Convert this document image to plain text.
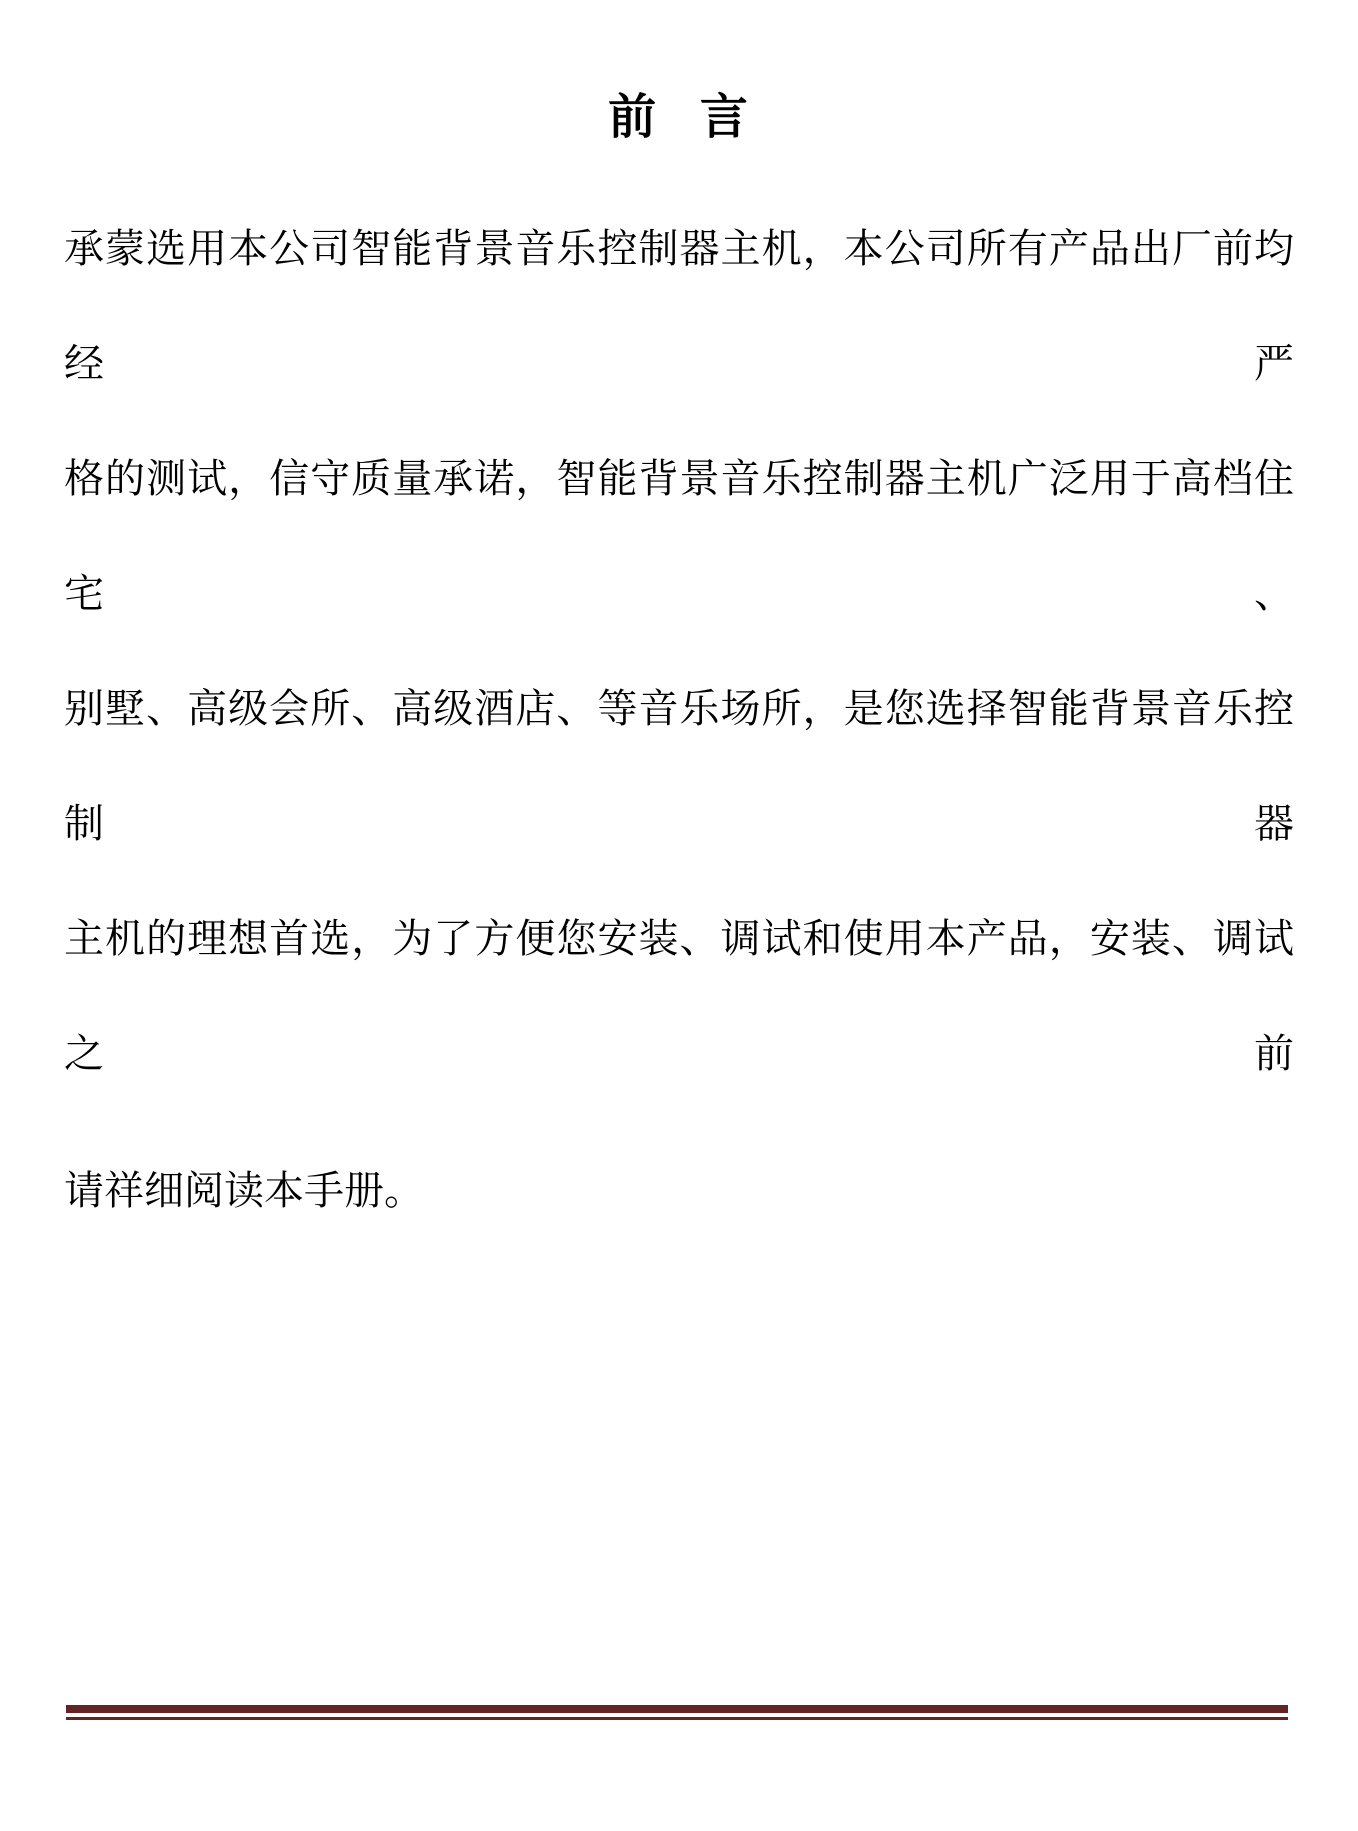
前 言
承蒙选用本公司智能背景音乐控制器主机，本公司所有产品出厂前均经严
格的测试，信守质量承诺，智能背景音乐控制器主机广泛用于高档住宅、
别墅、高级会所、高级酒店、等音乐场所，是您选择智能背景音乐控制器
主机的理想首选，为了方便您安装、调试和使用本产品，安装、调试之前
请祥细阅读本手册。
